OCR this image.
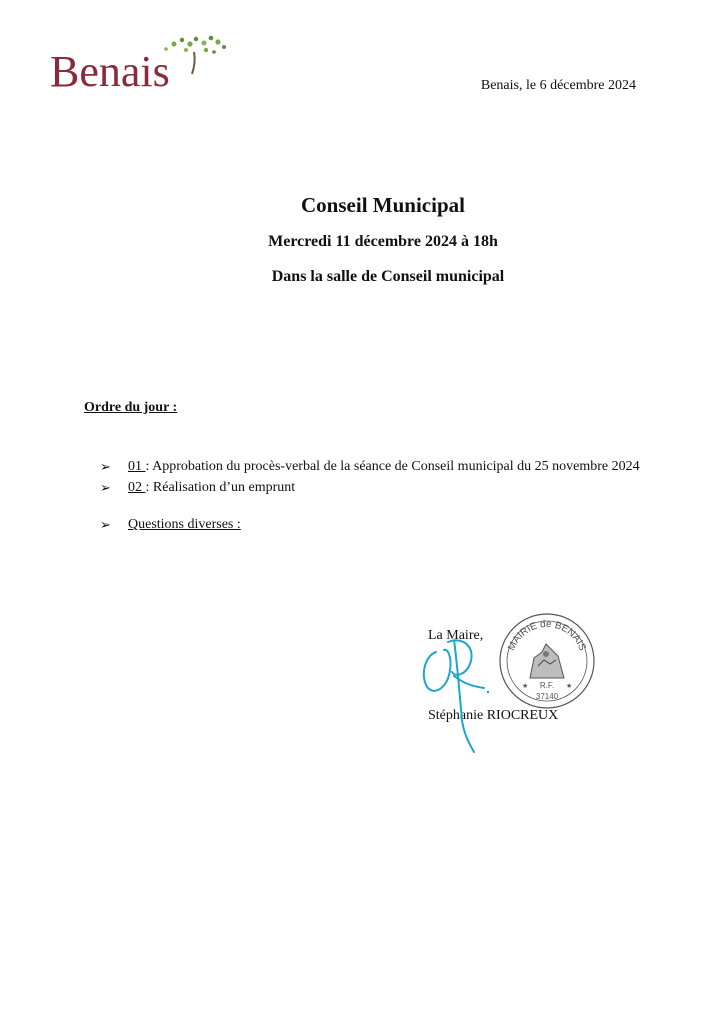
Benais	Benais, le 6 décembre 2024
Conseil Municipal
Mercredi 11 décembre 2024 à 18h
Dans la salle de Conseil municipal
Ordre du jour :
➢	01 : Approbation du procès-verbal de la séance de Conseil municipal du 25 novembre 2024
➢	02 : Réalisation d’un emprunt
➢	Questions diverses :
La Maire,
Stéphanie RIOCREUX
MAIRIE de BENAIS
R.F.
37140
★	★
